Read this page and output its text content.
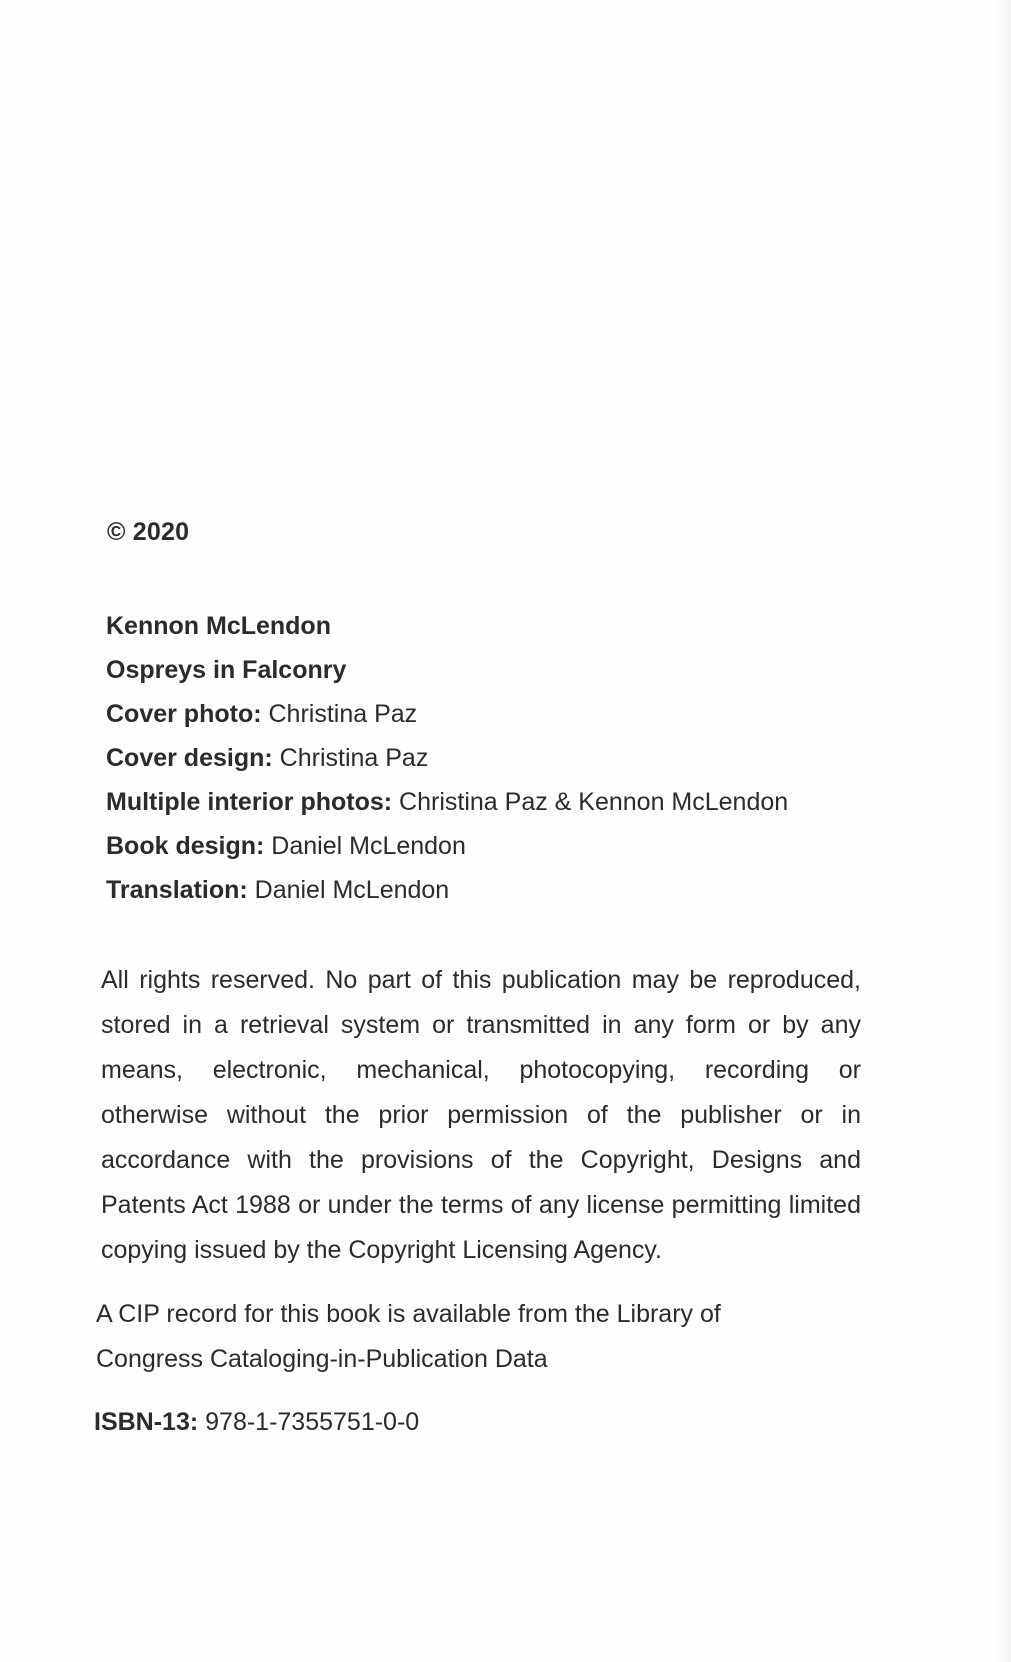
© 2020
Kennon McLendon
Ospreys in Falconry
Cover photo: Christina Paz
Cover design: Christina Paz
Multiple interior photos: Christina Paz & Kennon McLendon
Book design: Daniel McLendon
Translation: Daniel McLendon
All rights reserved. No part of this publication may be reproduced, stored in a retrieval system or transmitted in any form or by any means, electronic, mechanical, photocopying, recording or otherwise without the prior permission of the publisher or in accordance with the provisions of the Copyright, Designs and Patents Act 1988 or under the terms of any license permitting limited copying issued by the Copyright Licensing Agency.
A CIP record for this book is available from the Library of Congress Cataloging-in-Publication Data
ISBN-13: 978-1-7355751-0-0
